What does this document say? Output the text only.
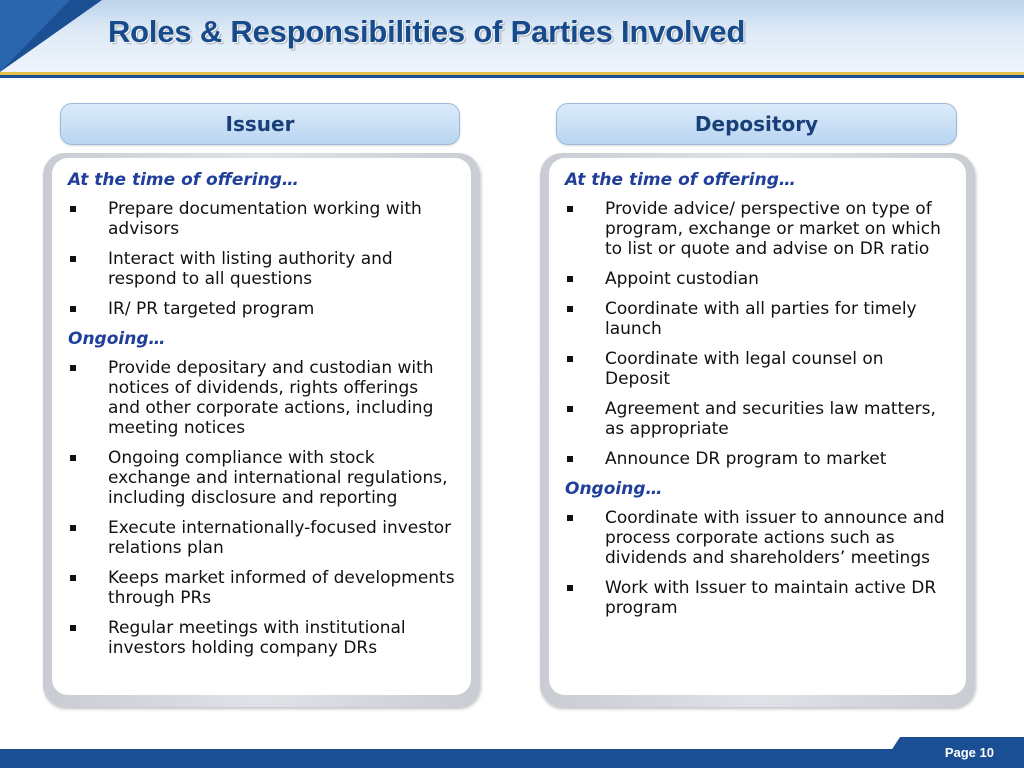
Roles & Responsibilities of Parties Involved
Issuer	Depository
At the time of offering…
Prepare documentation working with advisors
Interact with listing authority and respond to all questions
IR/ PR targeted program
Ongoing…
Provide depositary and custodian with notices of dividends, rights offerings and other corporate actions, including meeting notices
Ongoing compliance with stock exchange and international regulations, including disclosure and reporting
Execute internationally-focused investor relations plan
Keeps market informed of developments through PRs
Regular meetings with institutional investors holding company DRs
At the time of offering…
Provide advice/ perspective on type of program, exchange or market on which to list or quote and advise on DR ratio
Appoint custodian
Coordinate with all parties for timely launch
Coordinate with legal counsel on Deposit
Agreement and securities law matters, as appropriate
Announce DR program to market
Ongoing…
Coordinate with issuer to announce and process corporate actions such as dividends and shareholders’ meetings
Work with Issuer to maintain active DR program
Page 10
